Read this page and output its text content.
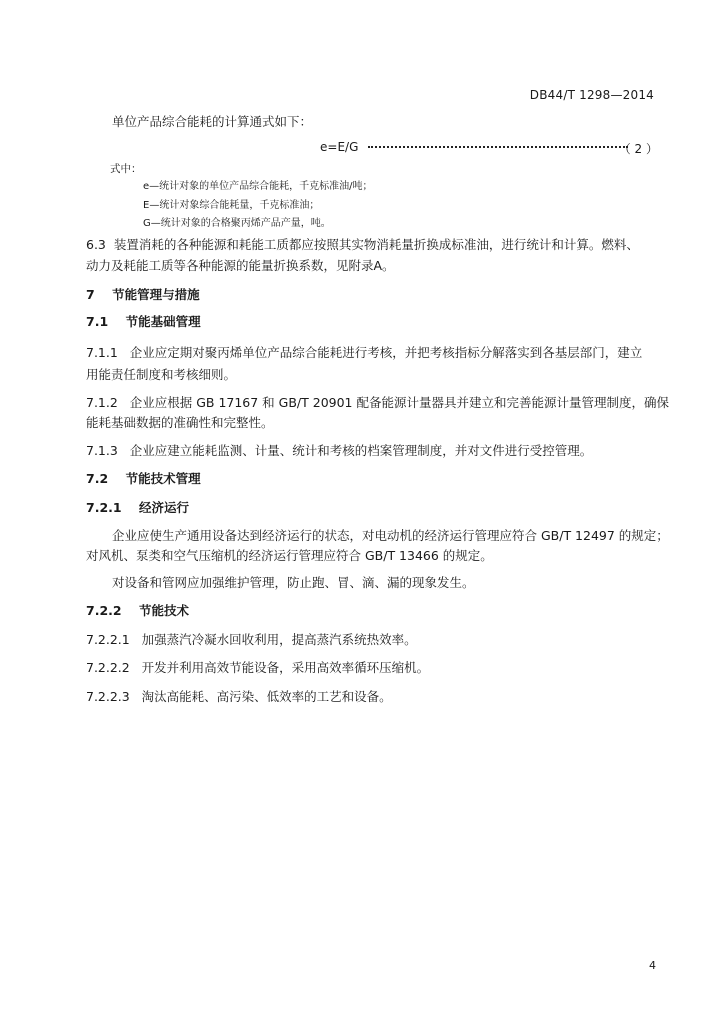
DB44/T 1298—2014
单位产品综合能耗的计算通式如下：
e=E/G	（ 2 ）
式中：
e—统计对象的单位产品综合能耗，千克标准油/吨；
E—统计对象综合能耗量，千克标准油；
G—统计对象的合格聚丙烯产品产量，吨。
6.3 装置消耗的各种能源和耗能工质都应按照其实物消耗量折换成标准油，进行统计和计算。燃料、
动力及耗能工质等各种能源的能量折换系数，见附录A。
7 节能管理与措施
7.1 节能基础管理
7.1.1 企业应定期对聚丙烯单位产品综合能耗进行考核，并把考核指标分解落实到各基层部门，建立
用能责任制度和考核细则。
7.1.2 企业应根据 GB 17167 和 GB/T 20901 配备能源计量器具并建立和完善能源计量管理制度，确保
能耗基础数据的准确性和完整性。
7.1.3 企业应建立能耗监测、计量、统计和考核的档案管理制度，并对文件进行受控管理。
7.2 节能技术管理
7.2.1 经济运行
企业应使生产通用设备达到经济运行的状态，对电动机的经济运行管理应符合 GB/T 12497 的规定；
对风机、泵类和空气压缩机的经济运行管理应符合 GB/T 13466 的规定。
对设备和管网应加强维护管理，防止跑、冒、滴、漏的现象发生。
7.2.2 节能技术
7.2.2.1 加强蒸汽冷凝水回收利用，提高蒸汽系统热效率。
7.2.2.2 开发并利用高效节能设备，采用高效率循环压缩机。
7.2.2.3 淘汰高能耗、高污染、低效率的工艺和设备。
4
